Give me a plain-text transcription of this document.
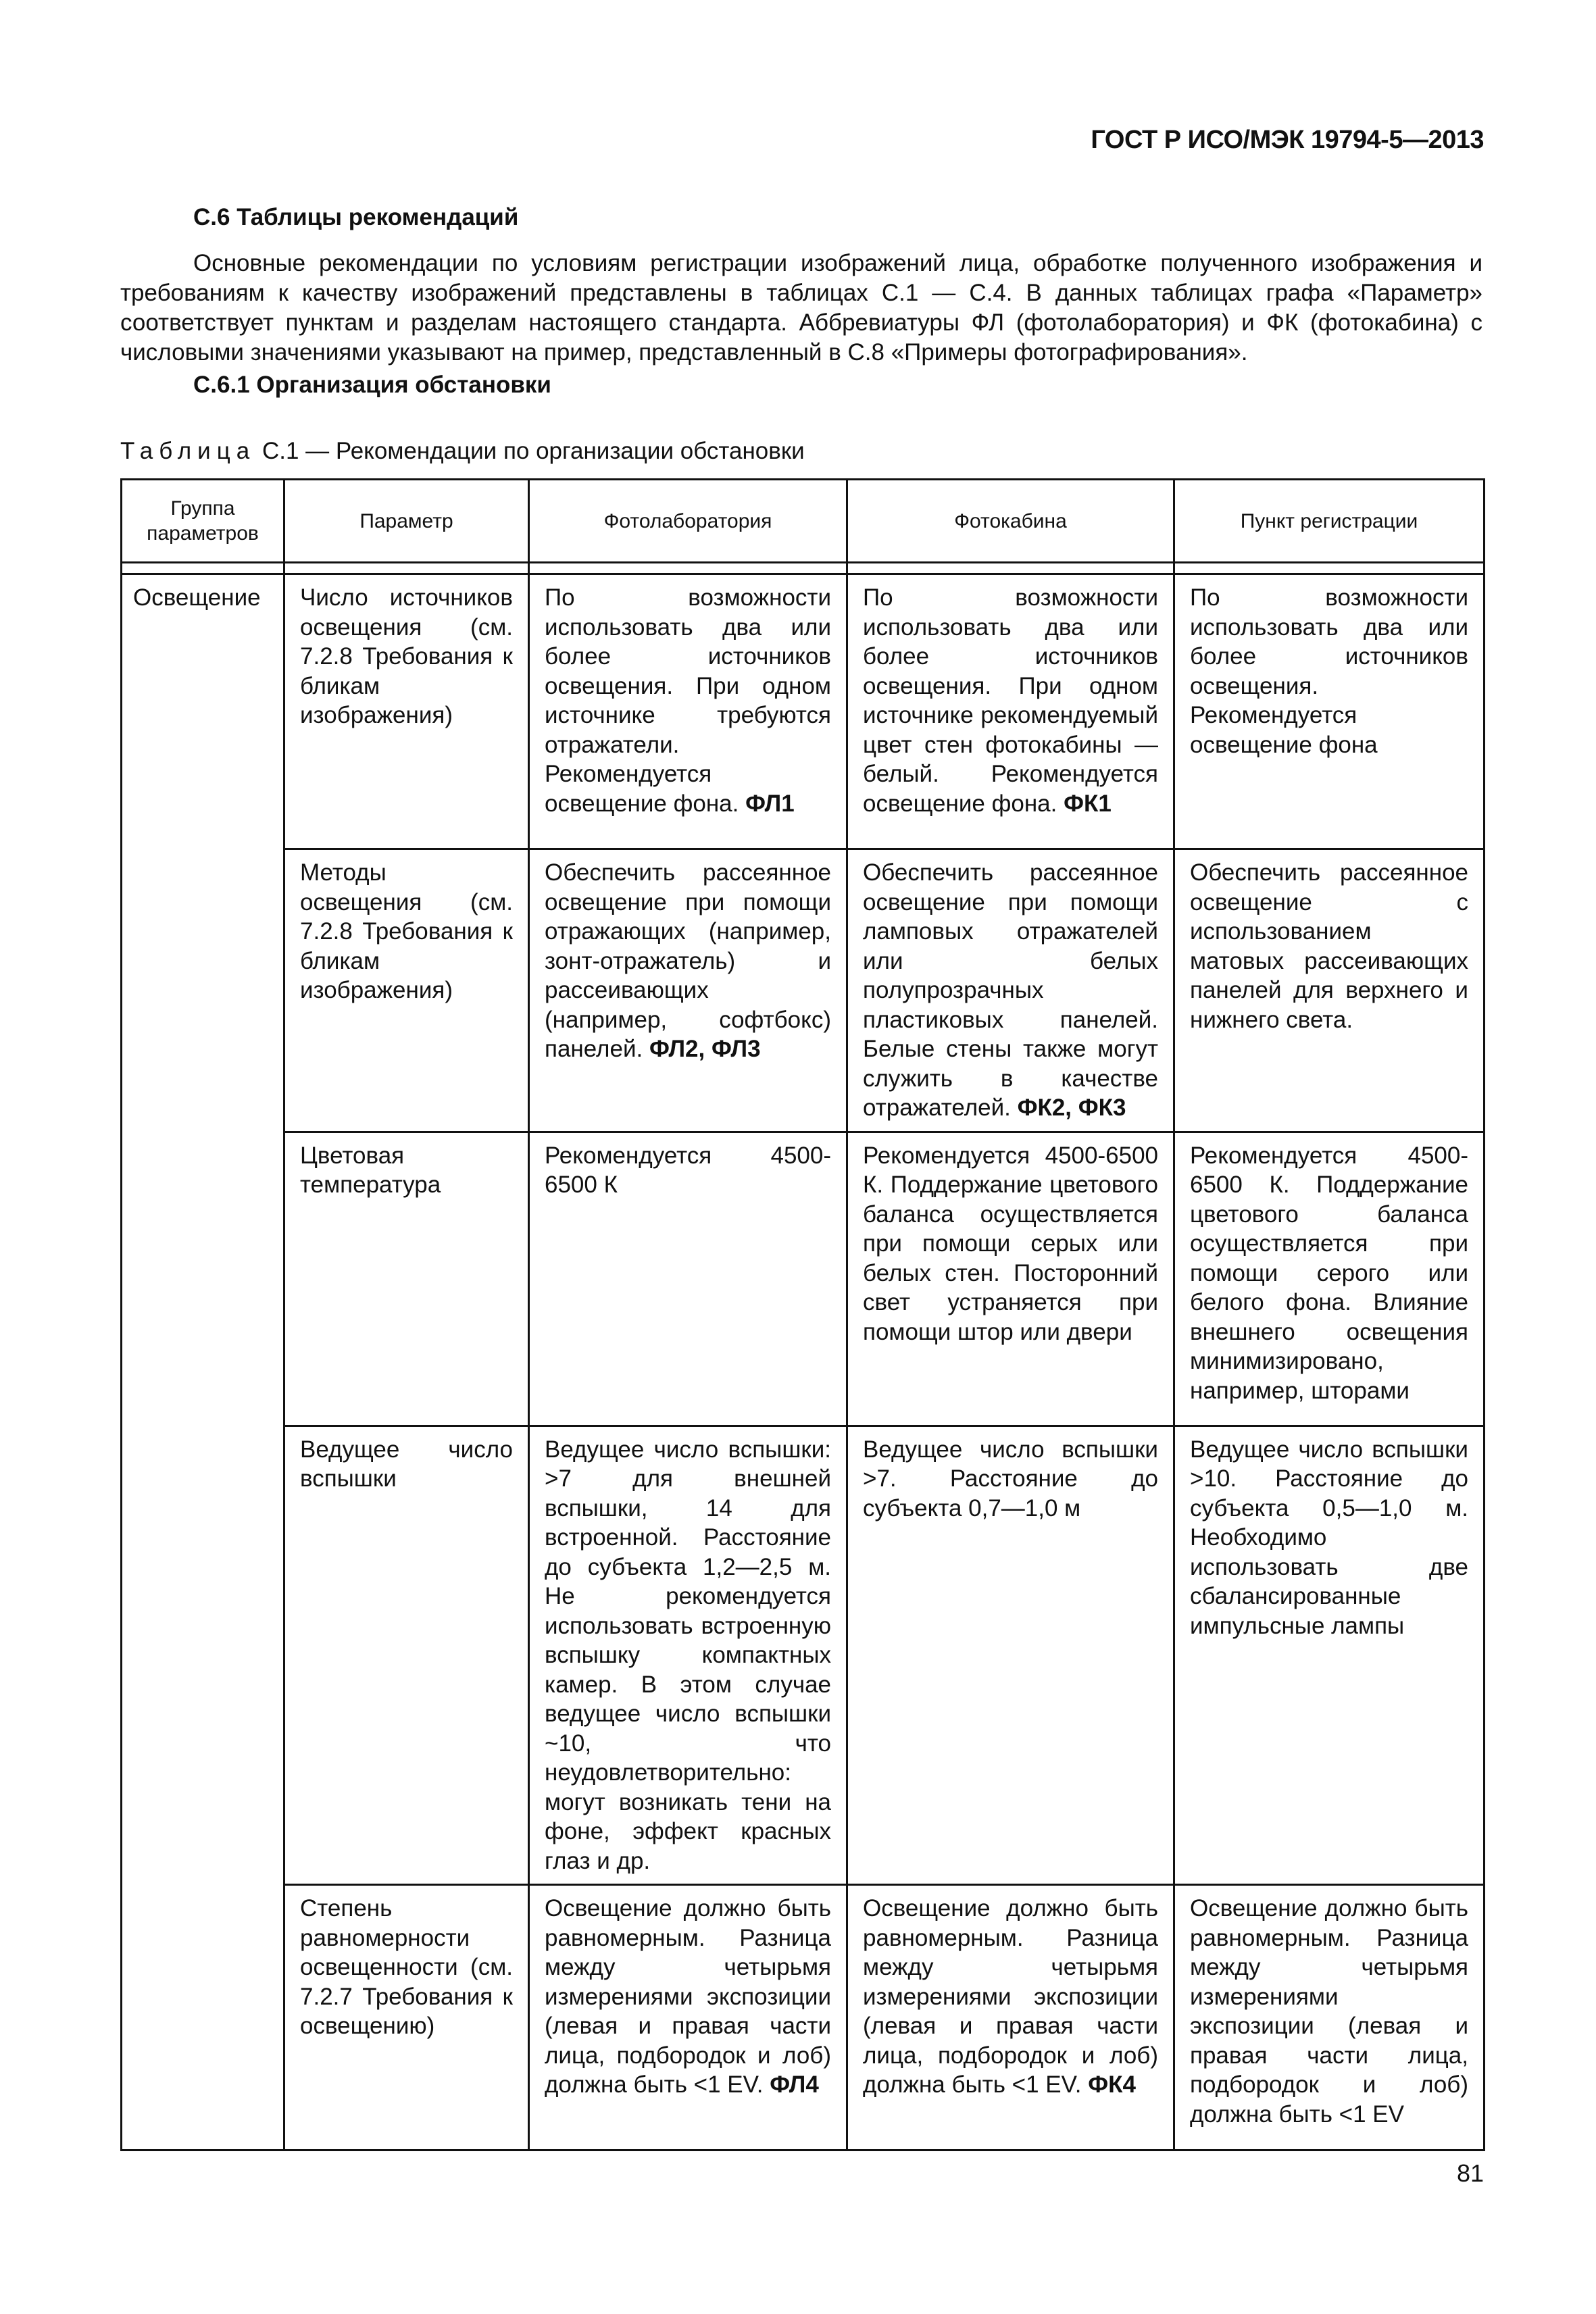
ГОСТ Р ИСО/МЭК 19794-5—2013
С.6 Таблицы рекомендаций
Основные рекомендации по условиям регистрации изображений лица, обработке полученного изображения и требованиям к качеству изображений представлены в таблицах С.1 — С.4. В данных таблицах графа «Параметр» соответствует пунктам и разделам настоящего стандарта. Аббревиатуры ФЛ (фотолаборатория) и ФК (фотокабина) с числовыми значениями указывают на пример, представленный в С.8 «Примеры фотографирования».
С.6.1 Организация обстановки
Таблица С.1 — Рекомендации по организации обстановки
Группа параметров	Параметр	Фотолаборатория	Фотокабина	Пункт регистрации

Освещение	Число источников освещения (см. 7.2.8 Требования к бликам изображения)	По возможности использовать два или более источников освещения. При одном источнике требуются отражатели. Рекомендуется освещение фона. ФЛ1	По возможности использовать два или более источников освещения. При одном источнике рекомендуемый цвет стен фотокабины — белый. Рекомендуется освещение фона. ФК1	По возможности использовать два или более источников освещения. Рекомендуется освещение фона
	Методы освещения (см. 7.2.8 Требования к бликам изображения)	Обеспечить рассеянное освещение при помощи отражающих (например, зонт-отражатель) и рассеивающих (например, софтбокс) панелей. ФЛ2, ФЛ3	Обеспечить рассеянное освещение при помощи ламповых отражателей или белых полупрозрачных пластиковых панелей. Белые стены также могут служить в качестве отражателей. ФК2, ФК3	Обеспечить рассеянное освещение с использованием матовых рассеивающих панелей для верхнего и нижнего света.
	Цветовая температура	Рекомендуется 4500-6500 К	Рекомендуется 4500-6500 К. Поддержание цветового баланса осуществляется при помощи серых или белых стен. Посторонний свет устраняется при помощи штор или двери	Рекомендуется 4500-6500 К. Поддержание цветового баланса осуществляется при помощи серого или белого фона. Влияние внешнего освещения минимизировано, например, шторами
	Ведущее число вспышки	Ведущее число вспышки: >7 для внешней вспышки, 14 для встроенной. Расстояние до субъекта 1,2—2,5 м. Не рекомендуется использовать встроенную вспышку компактных камер. В этом случае ведущее число вспышки ~10, что неудовлетворительно: могут возникать тени на фоне, эффект красных глаз и др.	Ведущее число вспышки >7. Расстояние до субъекта 0,7—1,0 м	Ведущее число вспышки >10. Расстояние до субъекта 0,5—1,0 м. Необходимо использовать две сбалансированные импульсные лампы
	Степень равномерности освещенности (см. 7.2.7 Требования к освещению)	Освещение должно быть равномерным. Разница между четырьмя измерениями экспозиции (левая и правая части лица, подбородок и лоб) должна быть <1 EV. ФЛ4	Освещение должно быть равномерным. Разница между четырьмя измерениями экспозиции (левая и правая части лица, подбородок и лоб) должна быть <1 EV. ФК4	Освещение должно быть равномерным. Разница между четырьмя измерениями экспозиции (левая и правая части лица, подбородок и лоб) должна быть <1 EV
81
